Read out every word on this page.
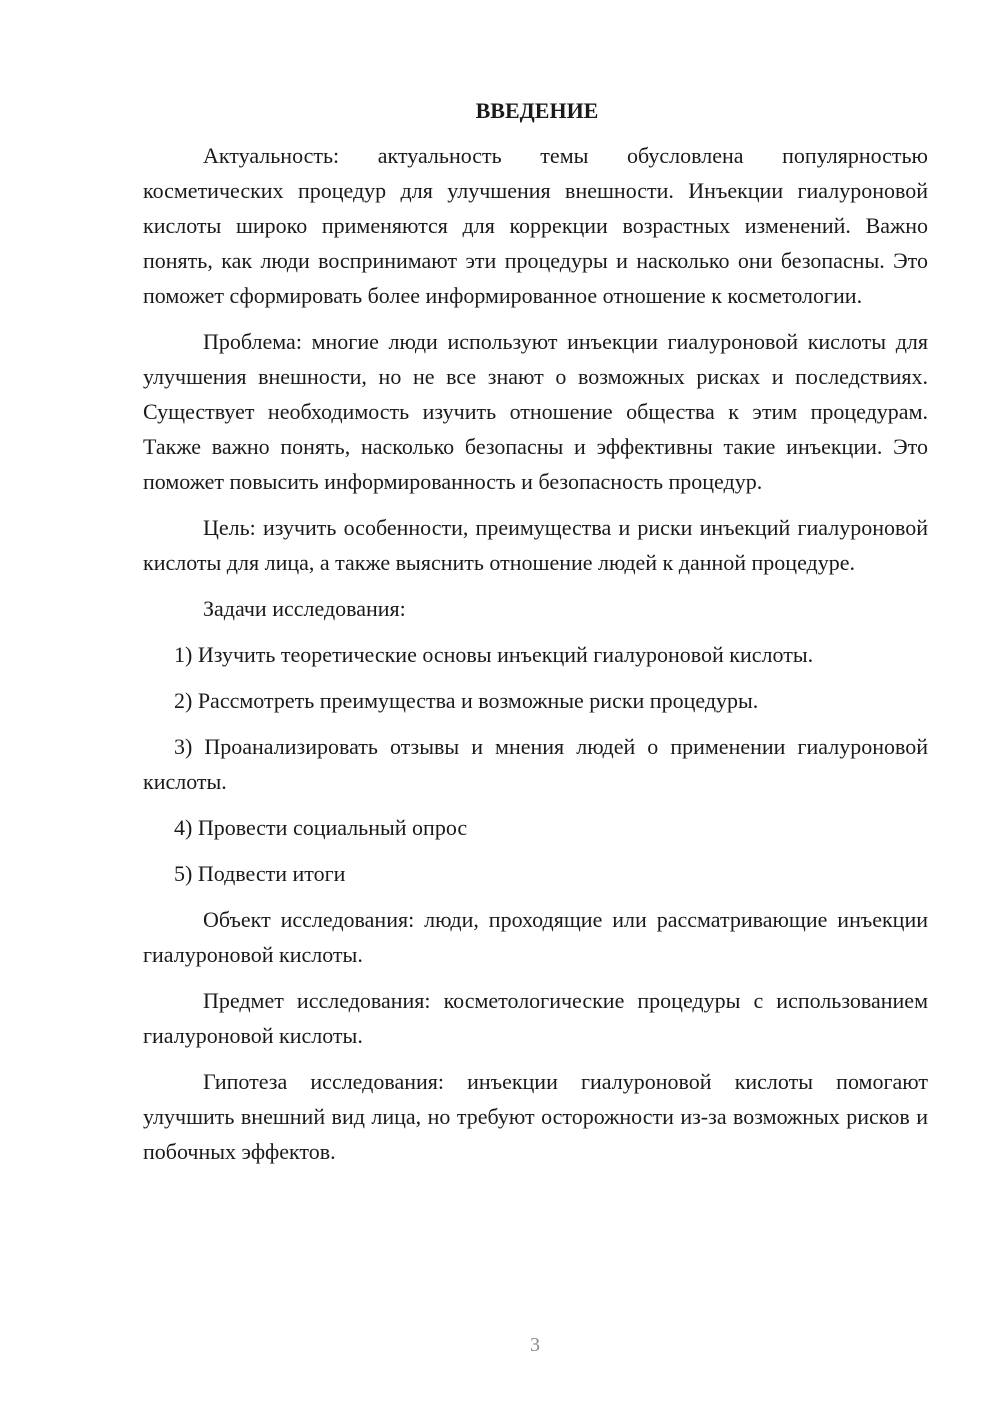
ВВЕДЕНИЕ

Актуальность: актуальность темы обусловлена популярностью косметических процедур для улучшения внешности. Инъекции гиалуроновой кислоты широко применяются для коррекции возрастных изменений. Важно понять, как люди воспринимают эти процедуры и насколько они безопасны. Это поможет сформировать более информированное отношение к косметологии.

Проблема: многие люди используют инъекции гиалуроновой кислоты для улучшения внешности, но не все знают о возможных рисках и последствиях. Существует необходимость изучить отношение общества к этим процедурам. Также важно понять, насколько безопасны и эффективны такие инъекции. Это поможет повысить информированность и безопасность процедур.

Цель: изучить особенности, преимущества и риски инъекций гиалуроновой кислоты для лица, а также выяснить отношение людей к данной процедуре.

Задачи исследования:

1) Изучить теоретические основы инъекций гиалуроновой кислоты.

2) Рассмотреть преимущества и возможные риски процедуры.

3) Проанализировать отзывы и мнения людей о применении гиалуроновой кислоты.

4) Провести социальный опрос

5) Подвести итоги

Объект исследования: люди, проходящие или рассматривающие инъекции гиалуроновой кислоты.

Предмет исследования: косметологические процедуры с использованием гиалуроновой кислоты.

Гипотеза исследования: инъекции гиалуроновой кислоты помогают улучшить внешний вид лица, но требуют осторожности из-за возможных рисков и побочных эффектов.

3
